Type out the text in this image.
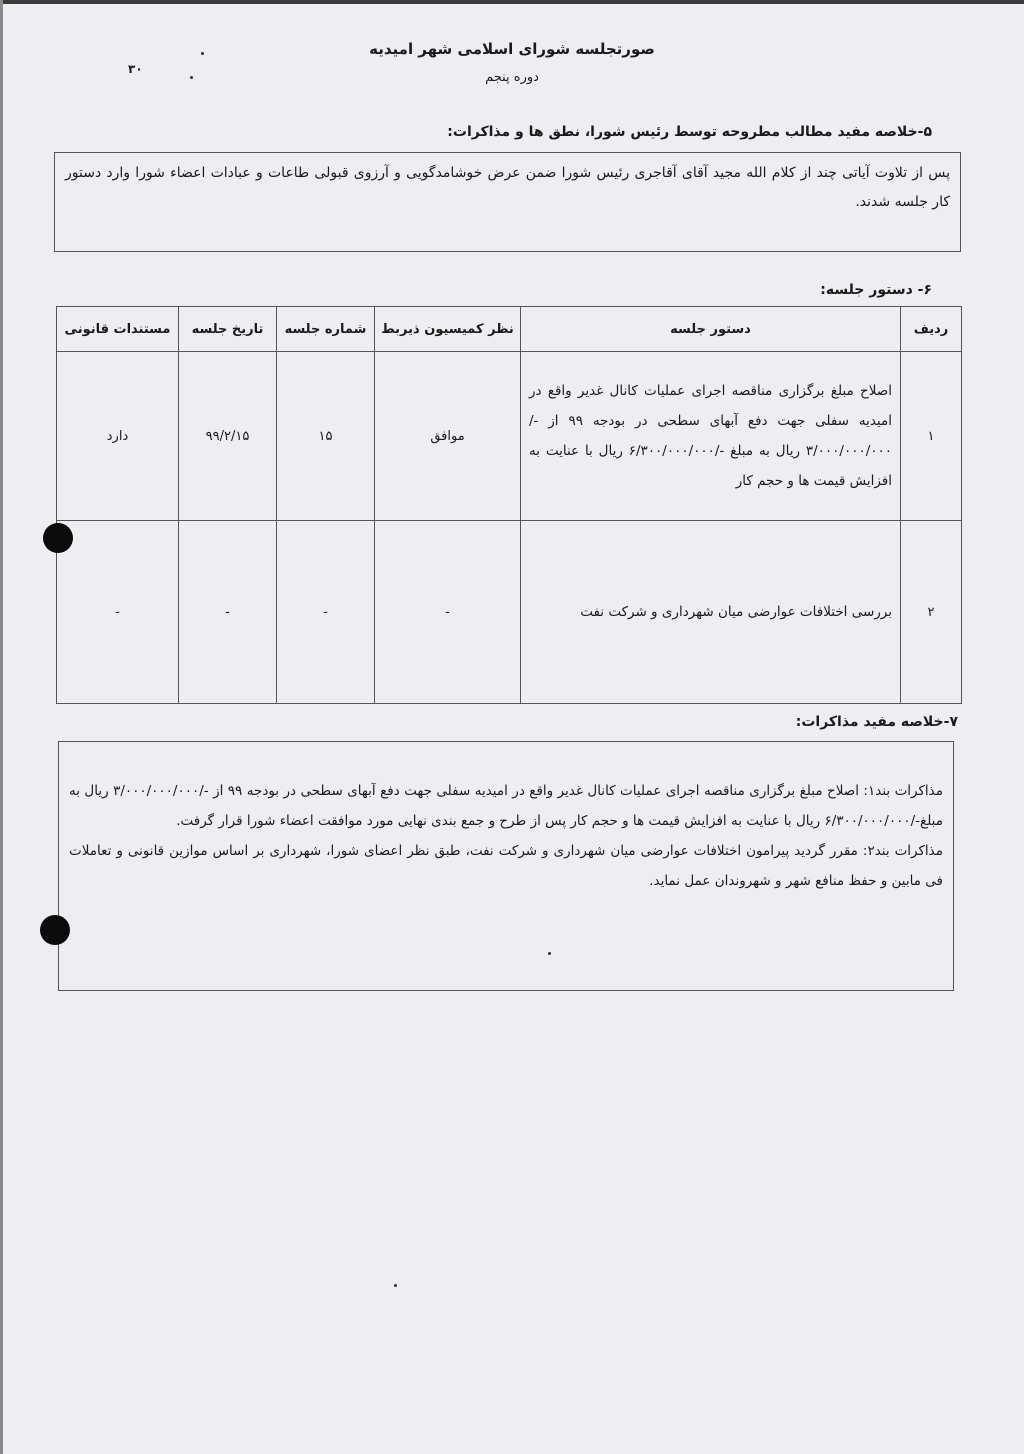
۳۰
صورتجلسه شورای اسلامی شهر امیدیه
دوره پنجم
۵-خلاصه مفید مطالب مطروحه توسط رئیس شورا، نطق ها و مذاکرات:
پس از تلاوت آیاتی چند از کلام الله مجید آقای آقاجری رئیس شورا ضمن عرض خوشامدگویی و آرزوی قبولی طاعات و عبادات اعضاء شورا وارد دستور کار جلسه شدند.
۶- دستور جلسه:
ردیف	دستور جلسه	نظر کمیسیون ذیربط	شماره جلسه	تاریخ جلسه	مستندات قانونی
۱	اصلاح مبلغ برگزاری مناقصه اجرای عملیات کانال غدیر واقع در امیدیه سفلی جهت دفع آبهای سطحی در بودجه ۹۹ از -/۳/۰۰۰/۰۰۰/۰۰۰ ریال به مبلغ -/۶/۳۰۰/۰۰۰/۰۰۰ ریال با عنایت به افزایش قیمت ها و حجم کار	موافق	۱۵	۹۹/۲/۱۵	دارد
۲	بررسی اختلافات عوارضی میان شهرداری و شرکت نفت	-	-	-	-
۷-خلاصه مفید مذاکرات:

مذاکرات بند۱: اصلاح مبلغ برگزاری مناقصه اجرای عملیات کانال غدیر واقع در امیدیه سفلی جهت دفع آبهای سطحی در بودجه ۹۹ از -/۳/۰۰۰/۰۰۰/۰۰۰ ریال به مبلغ-/۶/۳۰۰/۰۰۰/۰۰۰ ریال با عنایت به افزایش قیمت ها و حجم کار پس از طرح و جمع بندی نهایی مورد موافقت اعضاء شورا قرار گرفت.

مذاکرات بند۲: مقرر گردید پیرامون اختلافات عوارضی میان شهرداری و شرکت نفت، طبق نظر اعضای شورا، شهرداری بر اساس موازین قانونی و تعاملات فی مابین و حفظ منافع شهر و شهروندان عمل نماید.
